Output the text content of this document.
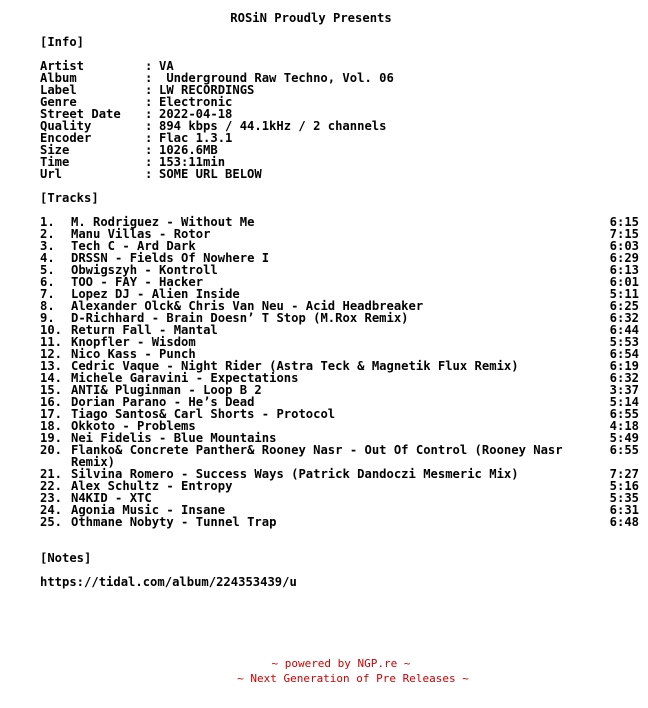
ROSiN Proudly Presents
[Info]
Artist	: VA
Album	: Underground Raw Techno, Vol. 06
Label	: LW RECORDINGS
Genre	: Electronic
Street Date	: 2022-04-18
Quality	: 894 kbps / 44.1kHz / 2 channels
Encoder	: Flac 1.3.1
Size	: 1026.6MB
Time	: 153:11min
Url	: SOME URL BELOW
[Tracks]
1.	M. Rodriguez - Without Me	6:15
2.	Manu Villas - Rotor	7:15
3.	Tech C - Ard Dark	6:03
4.	DRSSN - Fields Of Nowhere I	6:29
5.	Obwigszyh - Kontroll	6:13
6.	TOO - FAY - Hacker	6:01
7.	Lopez DJ - Alien Inside	5:11
8.	Alexander Olck& Chris Van Neu - Acid Headbreaker	6:25
9.	D-Richhard - Brain Doesn’ T Stop (M.Rox Remix)	6:32
10. Return Fall - Mantal	6:44
11. Knopfler - Wisdom	5:53
12. Nico Kass - Punch	6:54
13. Cedric Vaque - Night Rider (Astra Teck & Magnetik Flux Remix)	6:19
14. Michele Garavini - Expectations	6:32
15. ANTI& Pluginman - Loop B 2	3:37
16. Dorian Parano - He’s Dead	5:14
17. Tiago Santos& Carl Shorts - Protocol	6:55
18. Okkoto - Problems	4:18
19. Nei Fidelis - Blue Mountains	5:49
20. Flanko& Concrete Panther& Rooney Nasr - Out Of Control (Rooney Nasr Remix)
6:55
21. Silvina Romero - Success Ways (Patrick Dandoczi Mesmeric Mix)	7:27
22. Alex Schultz - Entropy	5:16
23. N4KID - XTC	5:35
24. Agonia Music - Insane	6:31
25. Othmane Nobyty - Tunnel Trap	6:48
[Notes]
https://tidal.com/album/224353439/u
~ powered by NGP.re ~
~ Next Generation of Pre Releases ~
